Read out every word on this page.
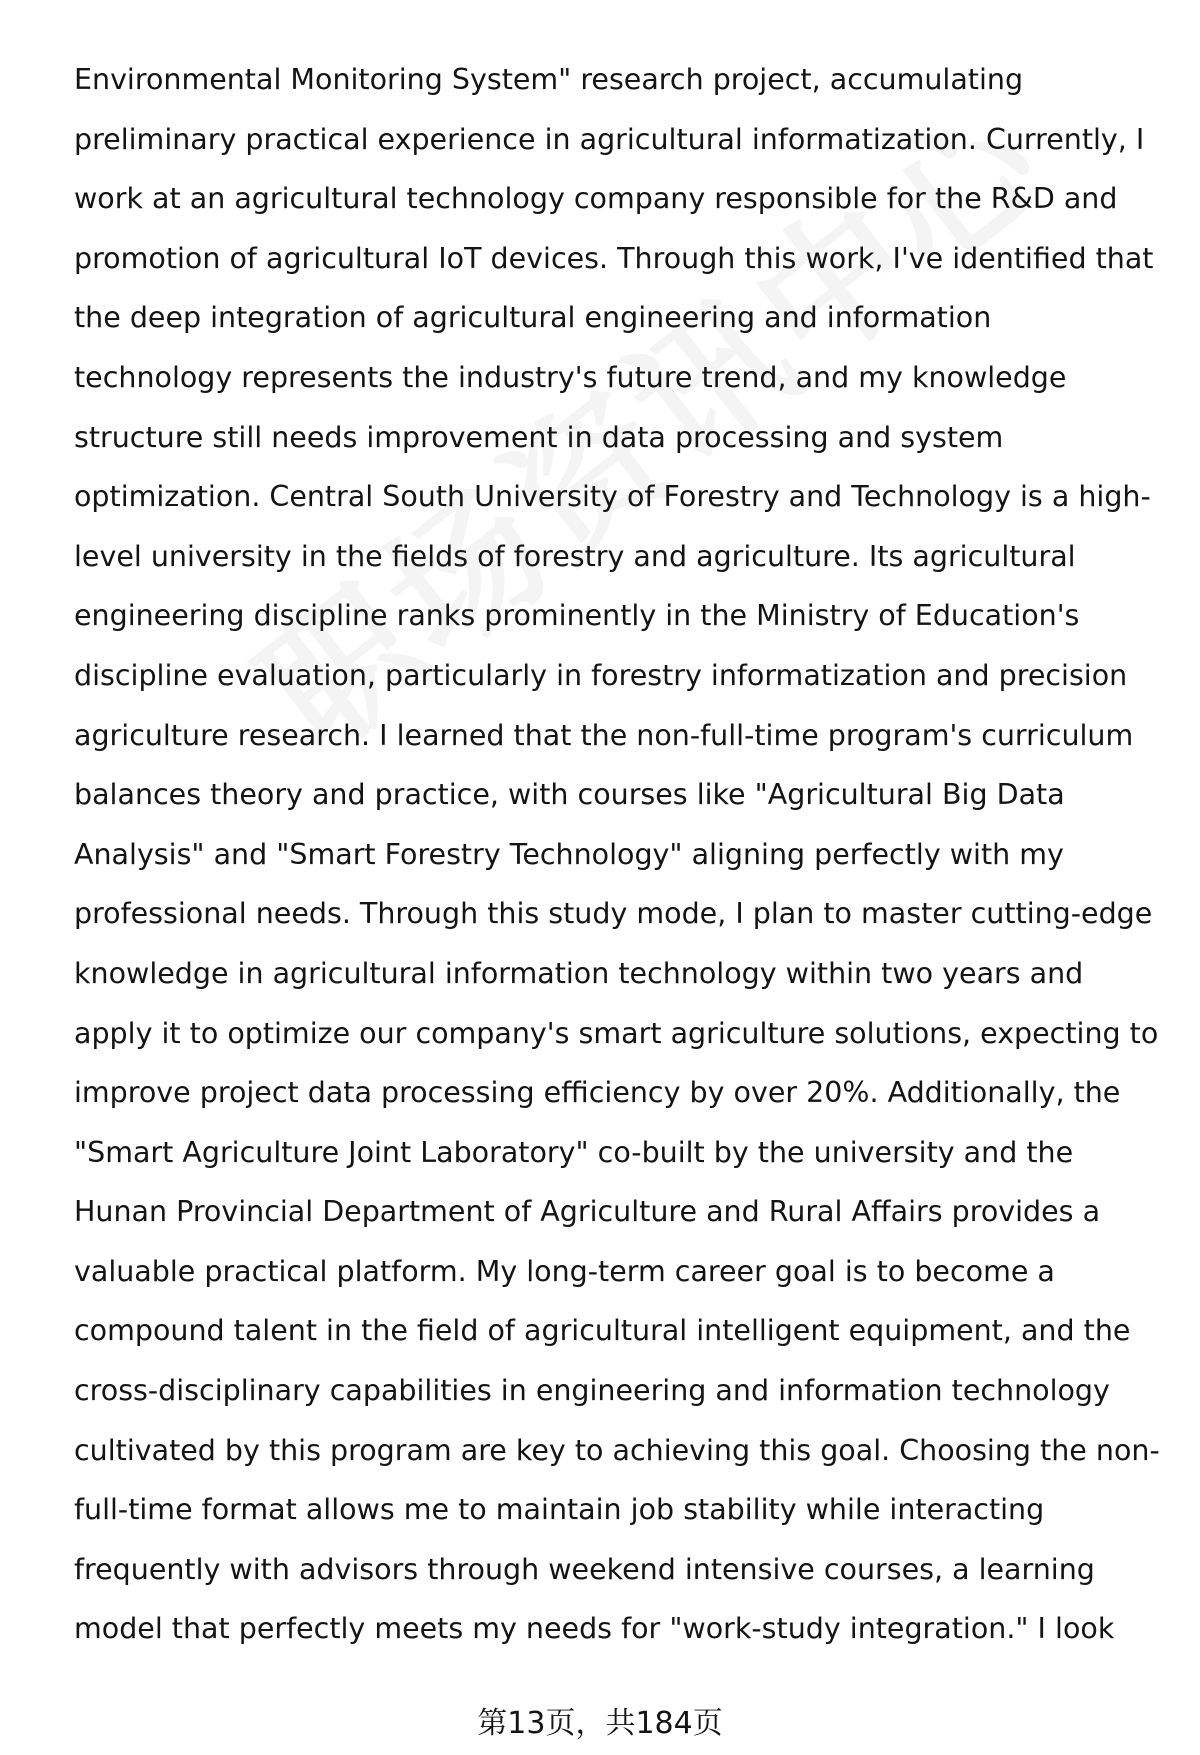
Environmental Monitoring System" research project, accumulating
preliminary practical experience in agricultural informatization. Currently, I
work at an agricultural technology company responsible for the R&D and
promotion of agricultural IoT devices. Through this work, I've identified that
the deep integration of agricultural engineering and information
technology represents the industry's future trend, and my knowledge
structure still needs improvement in data processing and system
optimization. Central South University of Forestry and Technology is a high-
level university in the fields of forestry and agriculture. Its agricultural
engineering discipline ranks prominently in the Ministry of Education's
discipline evaluation, particularly in forestry informatization and precision
agriculture research. I learned that the non-full-time program's curriculum
balances theory and practice, with courses like "Agricultural Big Data
Analysis" and "Smart Forestry Technology" aligning perfectly with my
professional needs. Through this study mode, I plan to master cutting-edge
knowledge in agricultural information technology within two years and
apply it to optimize our company's smart agriculture solutions, expecting to
improve project data processing efficiency by over 20%. Additionally, the
"Smart Agriculture Joint Laboratory" co-built by the university and the
Hunan Provincial Department of Agriculture and Rural Affairs provides a
valuable practical platform. My long-term career goal is to become a
compound talent in the field of agricultural intelligent equipment, and the
cross-disciplinary capabilities in engineering and information technology
cultivated by this program are key to achieving this goal. Choosing the non-
full-time format allows me to maintain job stability while interacting
frequently with advisors through weekend intensive courses, a learning
model that perfectly meets my needs for "work-study integration." I look
第13页，共184页
